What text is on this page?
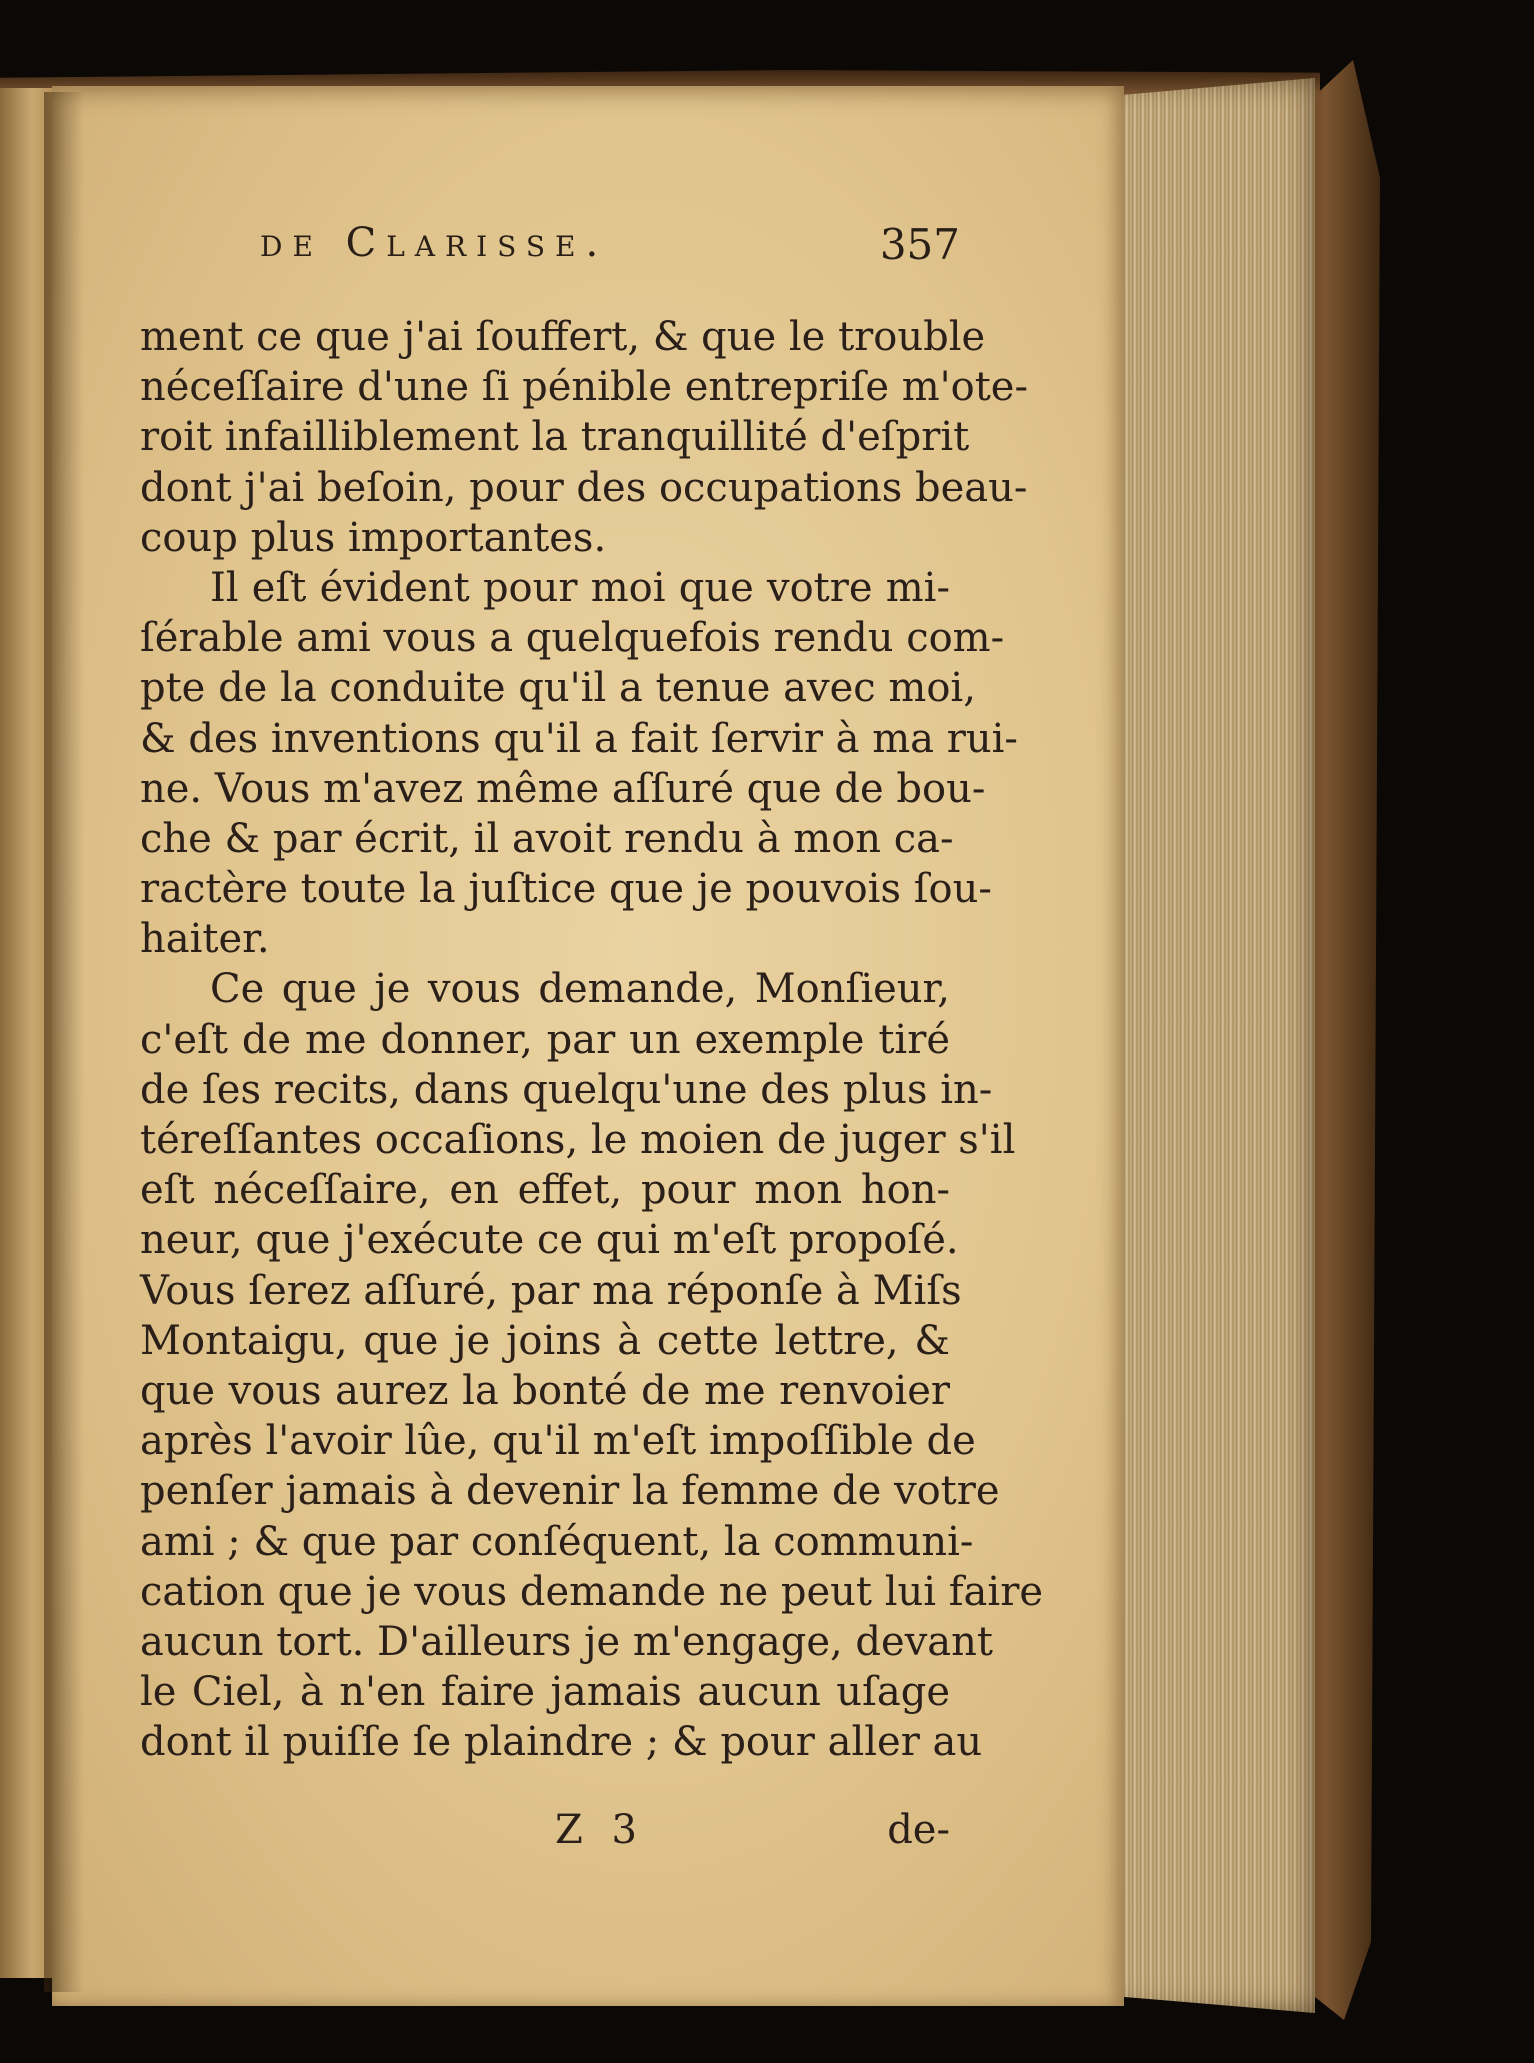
de Clarisse.	357
ment ce que j'ai ſouffert, & que le trouble
néceſſaire d'une ſi pénible entrepriſe m'ote-
roit infailliblement la tranquillité d'eſprit
dont j'ai beſoin, pour des occupations beau-
coup plus importantes.
Il eſt évident pour moi que votre mi-
ſérable ami vous a quelquefois rendu com-
pte de la conduite qu'il a tenue avec moi,
& des inventions qu'il a fait ſervir à ma rui-
ne. Vous m'avez même aſſuré que de bou-
che & par écrit, il avoit rendu à mon ca-
ractère toute la juſtice que je pouvois ſou-
haiter.
Ce que je vous demande, Monſieur,
c'eſt de me donner, par un exemple tiré
de ſes recits, dans quelqu'une des plus in-
téreſſantes occaſions, le moien de juger s'il
eſt néceſſaire, en effet, pour mon hon-
neur, que j'exécute ce qui m'eſt propoſé.
Vous ſerez aſſuré, par ma réponſe à Miſs
Montaigu, que je joins à cette lettre, &
que vous aurez la bonté de me renvoier
après l'avoir lûe, qu'il m'eſt impoſſible de
penſer jamais à devenir la femme de votre
ami ; & que par conſéquent, la communi-
cation que je vous demande ne peut lui faire
aucun tort. D'ailleurs je m'engage, devant
le Ciel, à n'en faire jamais aucun uſage
dont il puiſſe ſe plaindre ; & pour aller au
Z 3	de-
